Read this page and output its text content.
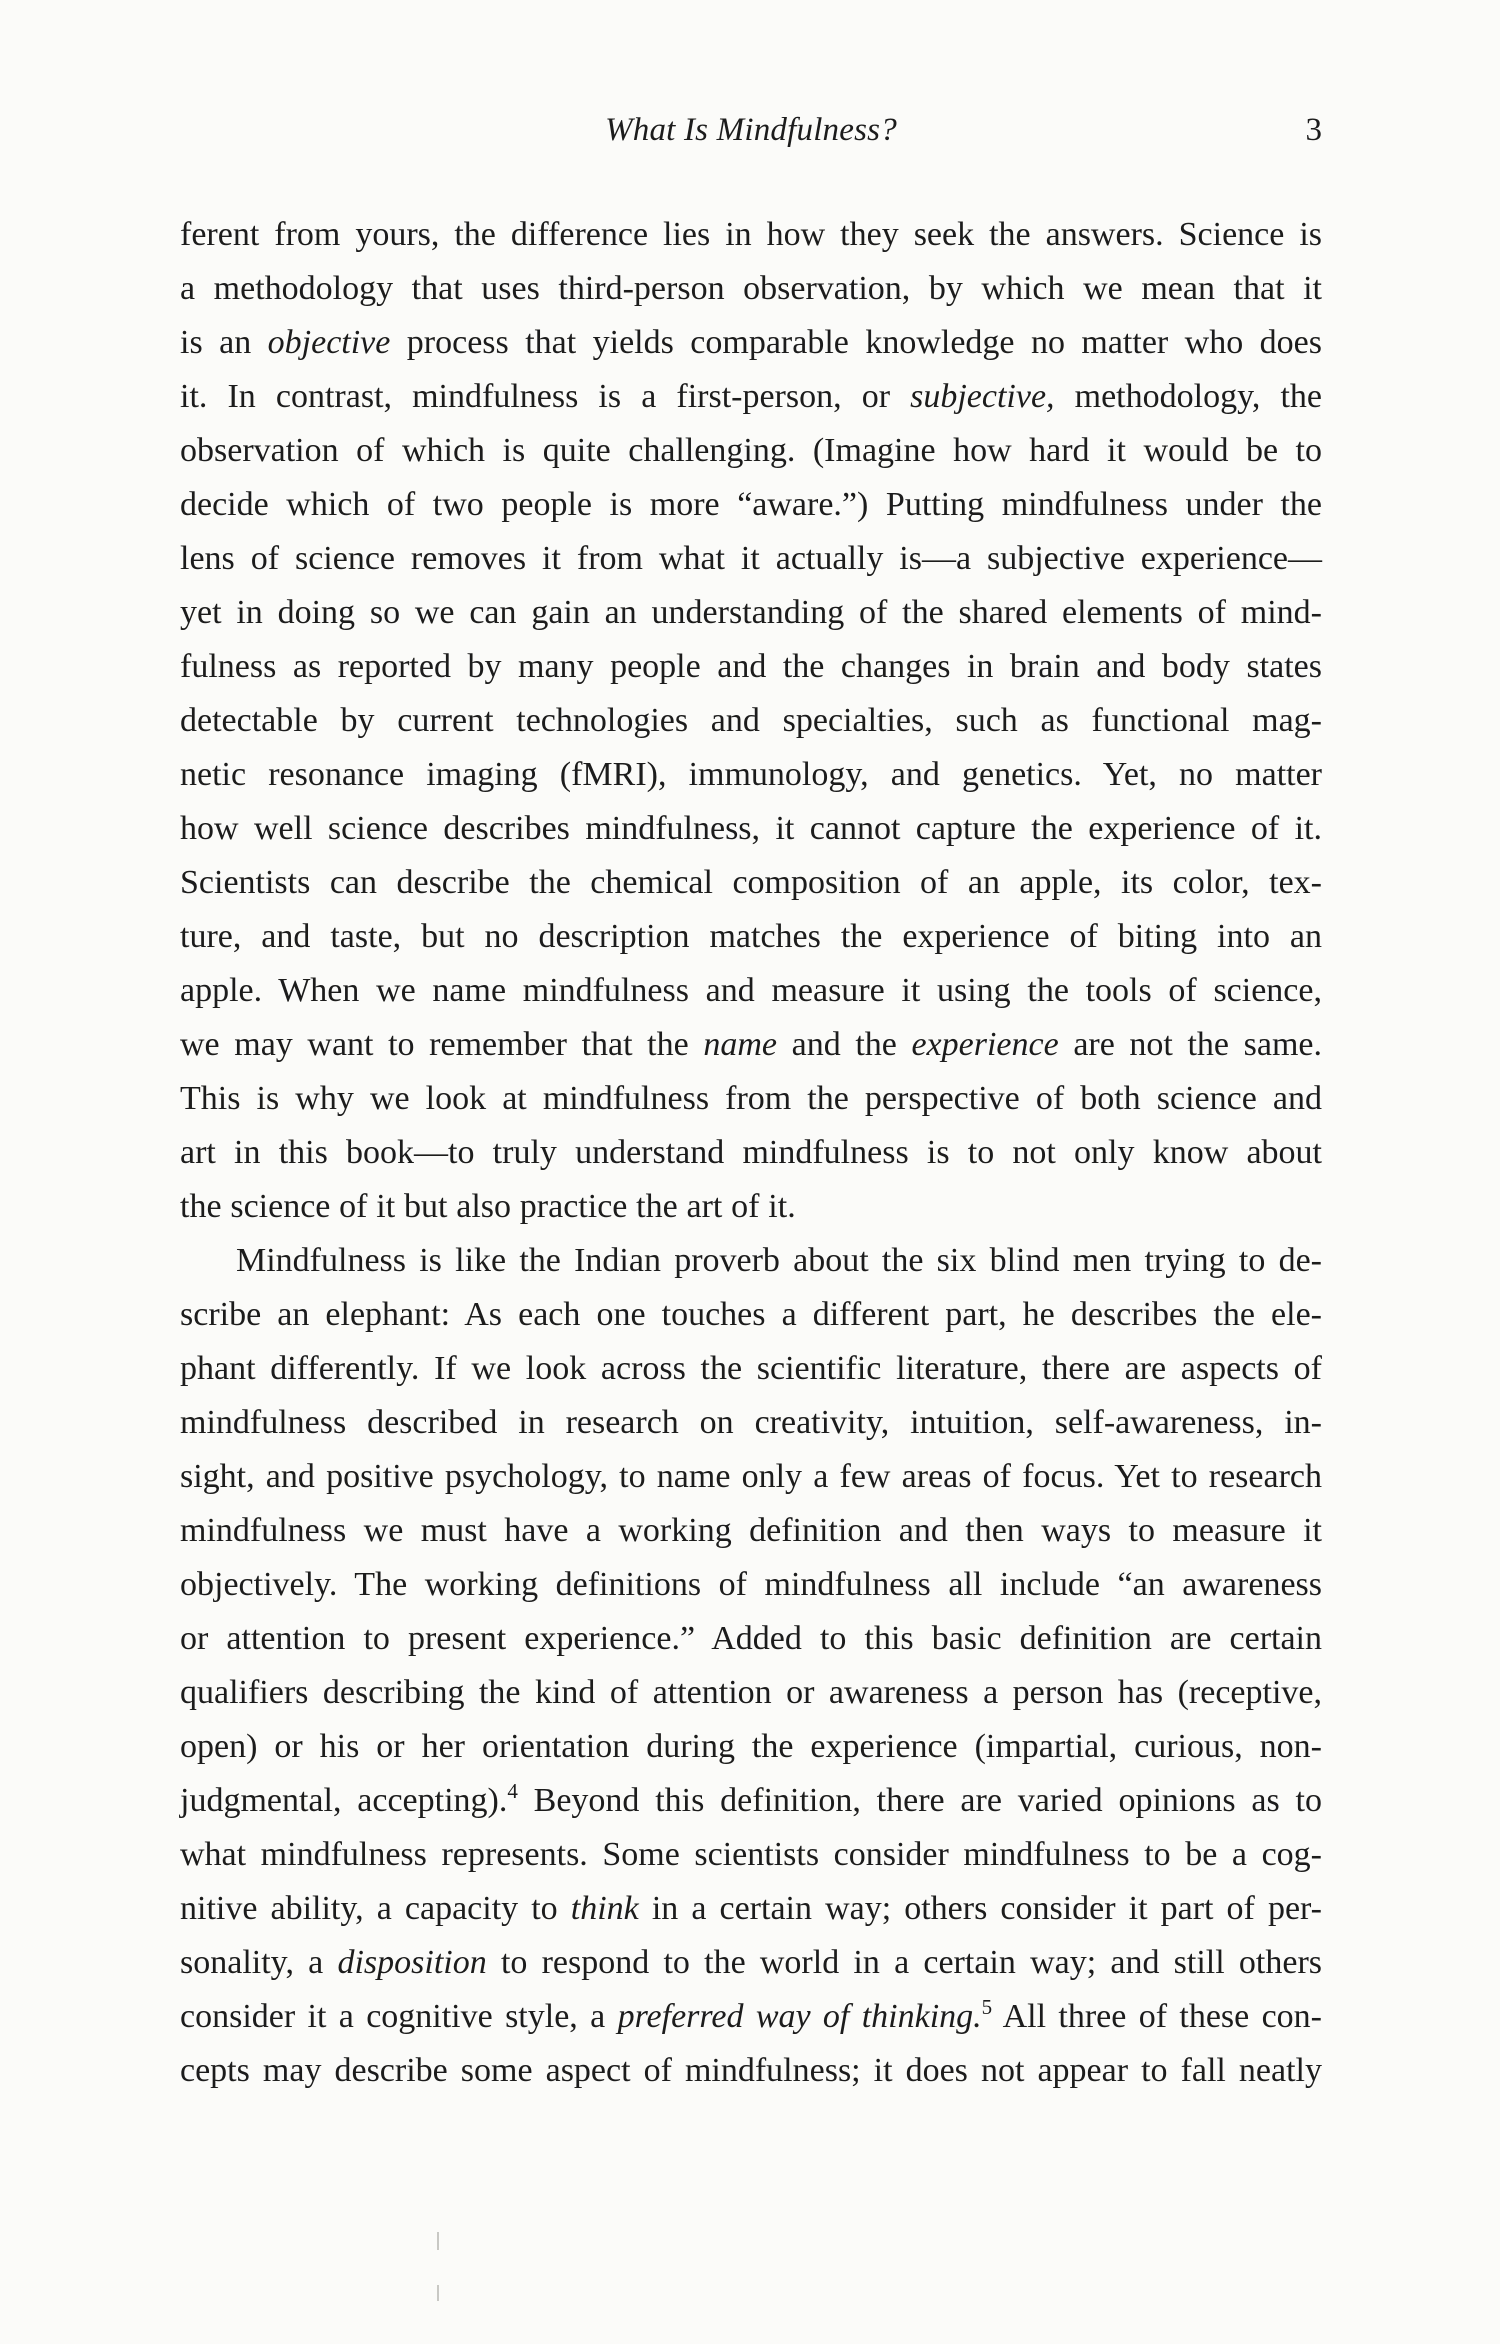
What Is Mindfulness?	3
ferent from yours, the difference lies in how they seek the answers. Science is
a methodology that uses third-person observation, by which we mean that it
is an objective process that yields comparable knowledge no matter who does
it. In contrast, mindfulness is a first-person, or subjective, methodology, the
observation of which is quite challenging. (Imagine how hard it would be to
decide which of two people is more “aware.”) Putting mindfulness under the
lens of science removes it from what it actually is—a subjective experience—
yet in doing so we can gain an understanding of the shared elements of mind-
fulness as reported by many people and the changes in brain and body states
detectable by current technologies and specialties, such as functional mag-
netic resonance imaging (fMRI), immunology, and genetics. Yet, no matter
how well science describes mindfulness, it cannot capture the experience of it.
Scientists can describe the chemical composition of an apple, its color, tex-
ture, and taste, but no description matches the experience of biting into an
apple. When we name mindfulness and measure it using the tools of science,
we may want to remember that the name and the experience are not the same.
This is why we look at mindfulness from the perspective of both science and
art in this book—to truly understand mindfulness is to not only know about
the science of it but also practice the art of it.
Mindfulness is like the Indian proverb about the six blind men trying to de-
scribe an elephant: As each one touches a different part, he describes the ele-
phant differently. If we look across the scientific literature, there are aspects of
mindfulness described in research on creativity, intuition, self-awareness, in-
sight, and positive psychology, to name only a few areas of focus. Yet to research
mindfulness we must have a working definition and then ways to measure it
objectively. The working definitions of mindfulness all include “an awareness
or attention to present experience.” Added to this basic definition are certain
qualifiers describing the kind of attention or awareness a person has (receptive,
open) or his or her orientation during the experience (impartial, curious, non-
judgmental, accepting).$^4$ Beyond this definition, there are varied opinions as to
what mindfulness represents. Some scientists consider mindfulness to be a cog-
nitive ability, a capacity to think in a certain way; others consider it part of per-
sonality, a disposition to respond to the world in a certain way; and still others
consider it a cognitive style, a preferred way of thinking.$^5$ All three of these con-
cepts may describe some aspect of mindfulness; it does not appear to fall neatly
